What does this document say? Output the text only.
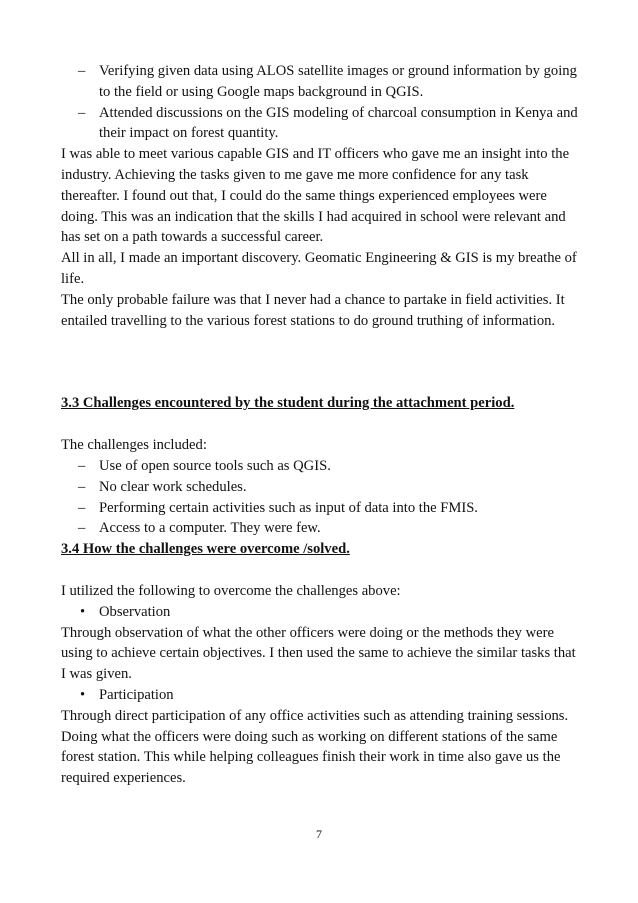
– Verifying given data using ALOS satellite images or ground information by going to the field or using Google maps background in QGIS.
– Attended discussions on the GIS modeling of charcoal consumption in Kenya and their impact on forest quantity.

I was able to meet various capable GIS and IT officers who gave me an insight into the industry. Achieving the tasks given to me gave me more confidence for any task thereafter. I found out that, I could do the same things experienced employees were doing. This was an indication that the skills I had acquired in school were relevant and has set on a path towards a successful career.

All in all, I made an important discovery. Geomatic Engineering & GIS is my breathe of life.

The only probable failure was that I never had a chance to partake in field activities. It entailed travelling to the various forest stations to do ground truthing of information.

3.3 Challenges encountered by the student during the attachment period.

The challenges included:

– Use of open source tools such as QGIS.
– No clear work schedules.
– Performing certain activities such as input of data into the FMIS.
– Access to a computer. They were few.

3.4 How the challenges were overcome /solved.

I utilized the following to overcome the challenges above:

• Observation

Through observation of what the other officers were doing or the methods they were using to achieve certain objectives. I then used the same to achieve the similar tasks that I was given.

• Participation

Through direct participation of any office activities such as attending training sessions. Doing what the officers were doing such as working on different stations of the same forest station. This while helping colleagues finish their work in time also gave us the required experiences.

7
